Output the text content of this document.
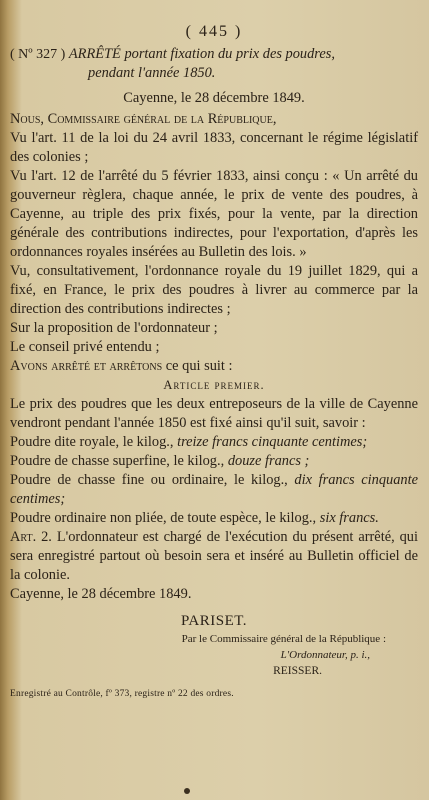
( 445 )

( Nº 327 ) ARRÊTÉ portant fixation du prix des poudres,
pendant l'année 1850.

Cayenne, le 28 décembre 1849.

Nous, Commissaire général de la République,

Vu l'art. 11 de la loi du 24 avril 1833, concernant le régime législatif des colonies ;

Vu l'art. 12 de l'arrêté du 5 février 1833, ainsi conçu : « Un arrêté du gouverneur règlera, chaque année, le prix de vente des poudres, à Cayenne, au triple des prix fixés, pour la vente, par la direction générale des contributions indirectes, pour l'exportation, d'après les ordonnances royales insérées au Bulletin des lois. »

Vu, consultativement, l'ordonnance royale du 19 juillet 1829, qui a fixé, en France, le prix des poudres à livrer au commerce par la direction des contributions indirectes ;

Sur la proposition de l'ordonnateur ;

Le conseil privé entendu ;

Avons arrêté et arrêtons ce qui suit :

Article premier.

Le prix des poudres que les deux entreposeurs de la ville de Cayenne vendront pendant l'année 1850 est fixé ainsi qu'il suit, savoir :

Poudre dite royale, le kilog., treize francs cinquante centimes;

Poudre de chasse superfine, le kilog., douze francs ;

Poudre de chasse fine ou ordinaire, le kilog., dix francs cinquante centimes;

Poudre ordinaire non pliée, de toute espèce, le kilog., six francs.

Art. 2. L'ordonnateur est chargé de l'exécution du présent arrêté, qui sera enregistré partout où besoin sera et inséré au Bulletin officiel de la colonie.

Cayenne, le 28 décembre 1849.

PARISET.

Par le Commissaire général de la République :

L'Ordonnateur, p. i.,

REISSER.

Enregistré au Contrôle, fº 373, registre nº 22 des ordres.
